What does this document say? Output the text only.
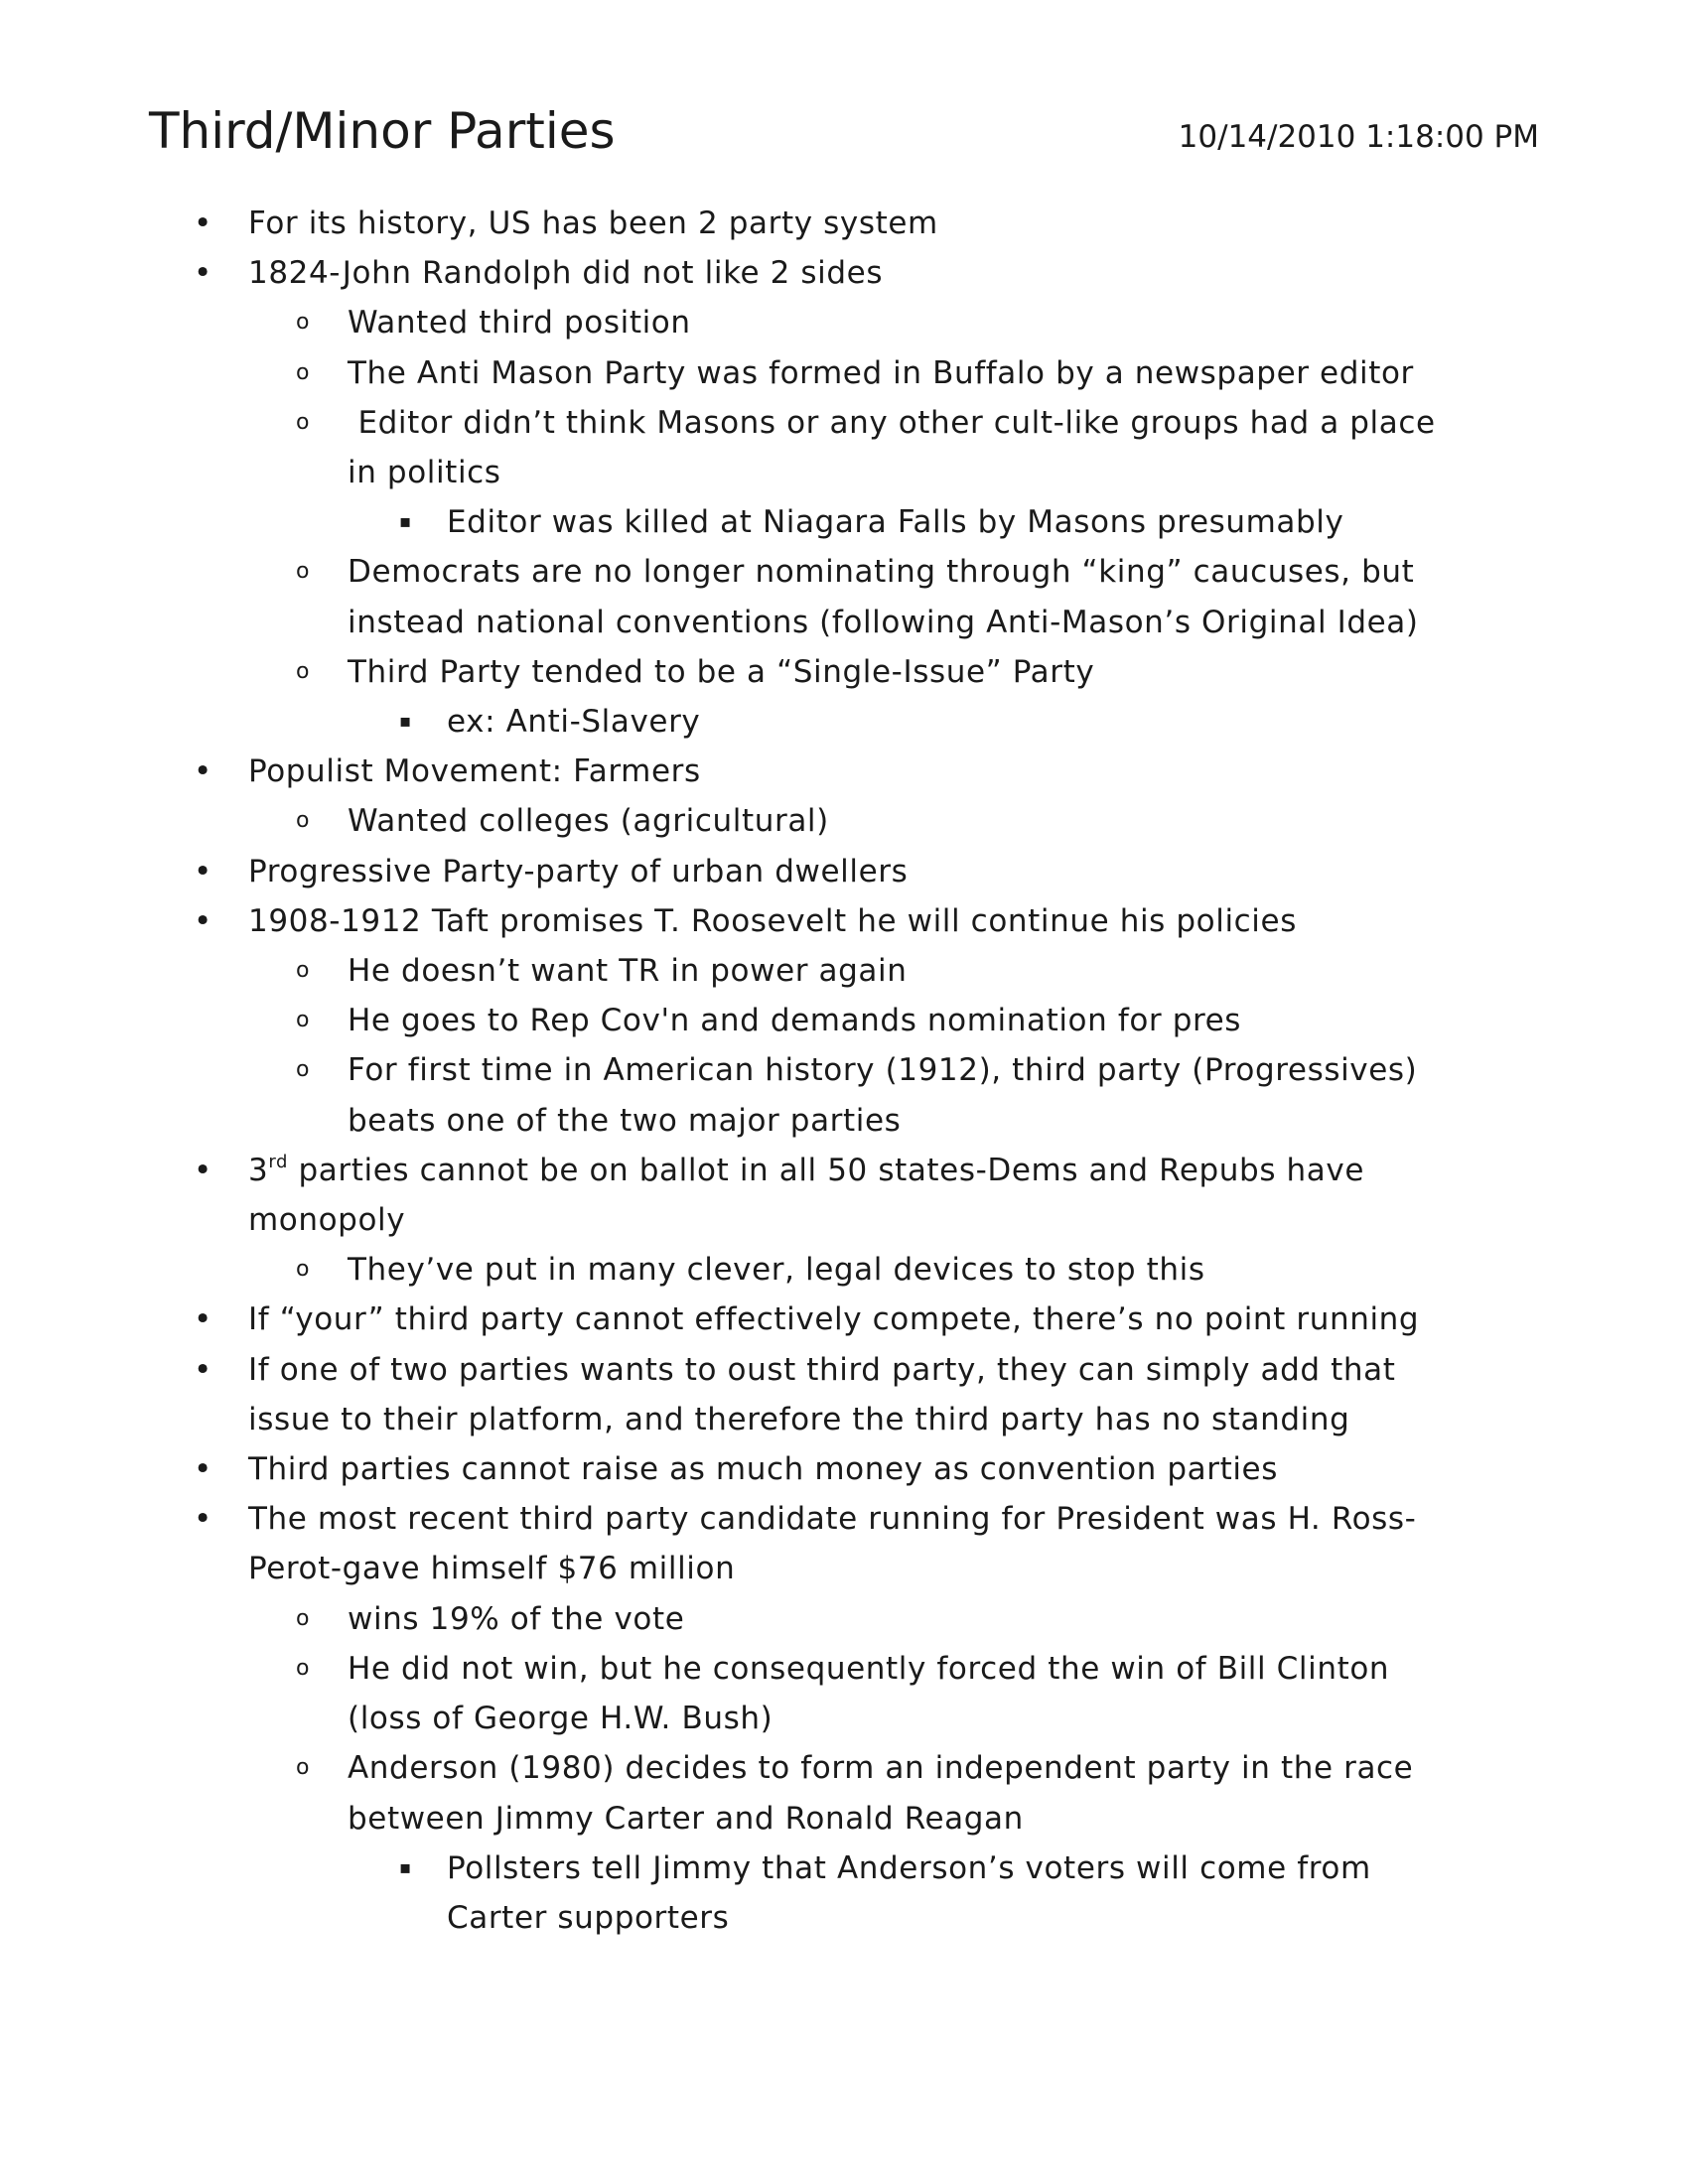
Third/Minor Parties	10/14/2010 1:18:00 PM
• For its history, US has been 2 party system
• 1824-John Randolph did not like 2 sides
o Wanted third position
o The Anti Mason Party was formed in Buffalo by a newspaper editor
o Editor didn’t think Masons or any other cult-like groups had a place
in politics
▪ Editor was killed at Niagara Falls by Masons presumably
o Democrats are no longer nominating through “king” caucuses, but
instead national conventions (following Anti-Mason’s Original Idea)
o Third Party tended to be a “Single-Issue” Party
▪ ex: Anti-Slavery
• Populist Movement: Farmers
o Wanted colleges (agricultural)
• Progressive Party-party of urban dwellers
• 1908-1912 Taft promises T. Roosevelt he will continue his policies
o He doesn’t want TR in power again
o He goes to Rep Cov'n and demands nomination for pres
o For first time in American history (1912), third party (Progressives)
beats one of the two major parties
• 3rd parties cannot be on ballot in all 50 states-Dems and Repubs have
monopoly
o They’ve put in many clever, legal devices to stop this
• If “your” third party cannot effectively compete, there’s no point running
• If one of two parties wants to oust third party, they can simply add that
issue to their platform, and therefore the third party has no standing
• Third parties cannot raise as much money as convention parties
• The most recent third party candidate running for President was H. Ross-
Perot-gave himself $76 million
o wins 19% of the vote
o He did not win, but he consequently forced the win of Bill Clinton
(loss of George H.W. Bush)
o Anderson (1980) decides to form an independent party in the race
between Jimmy Carter and Ronald Reagan
▪ Pollsters tell Jimmy that Anderson’s voters will come from
Carter supporters
